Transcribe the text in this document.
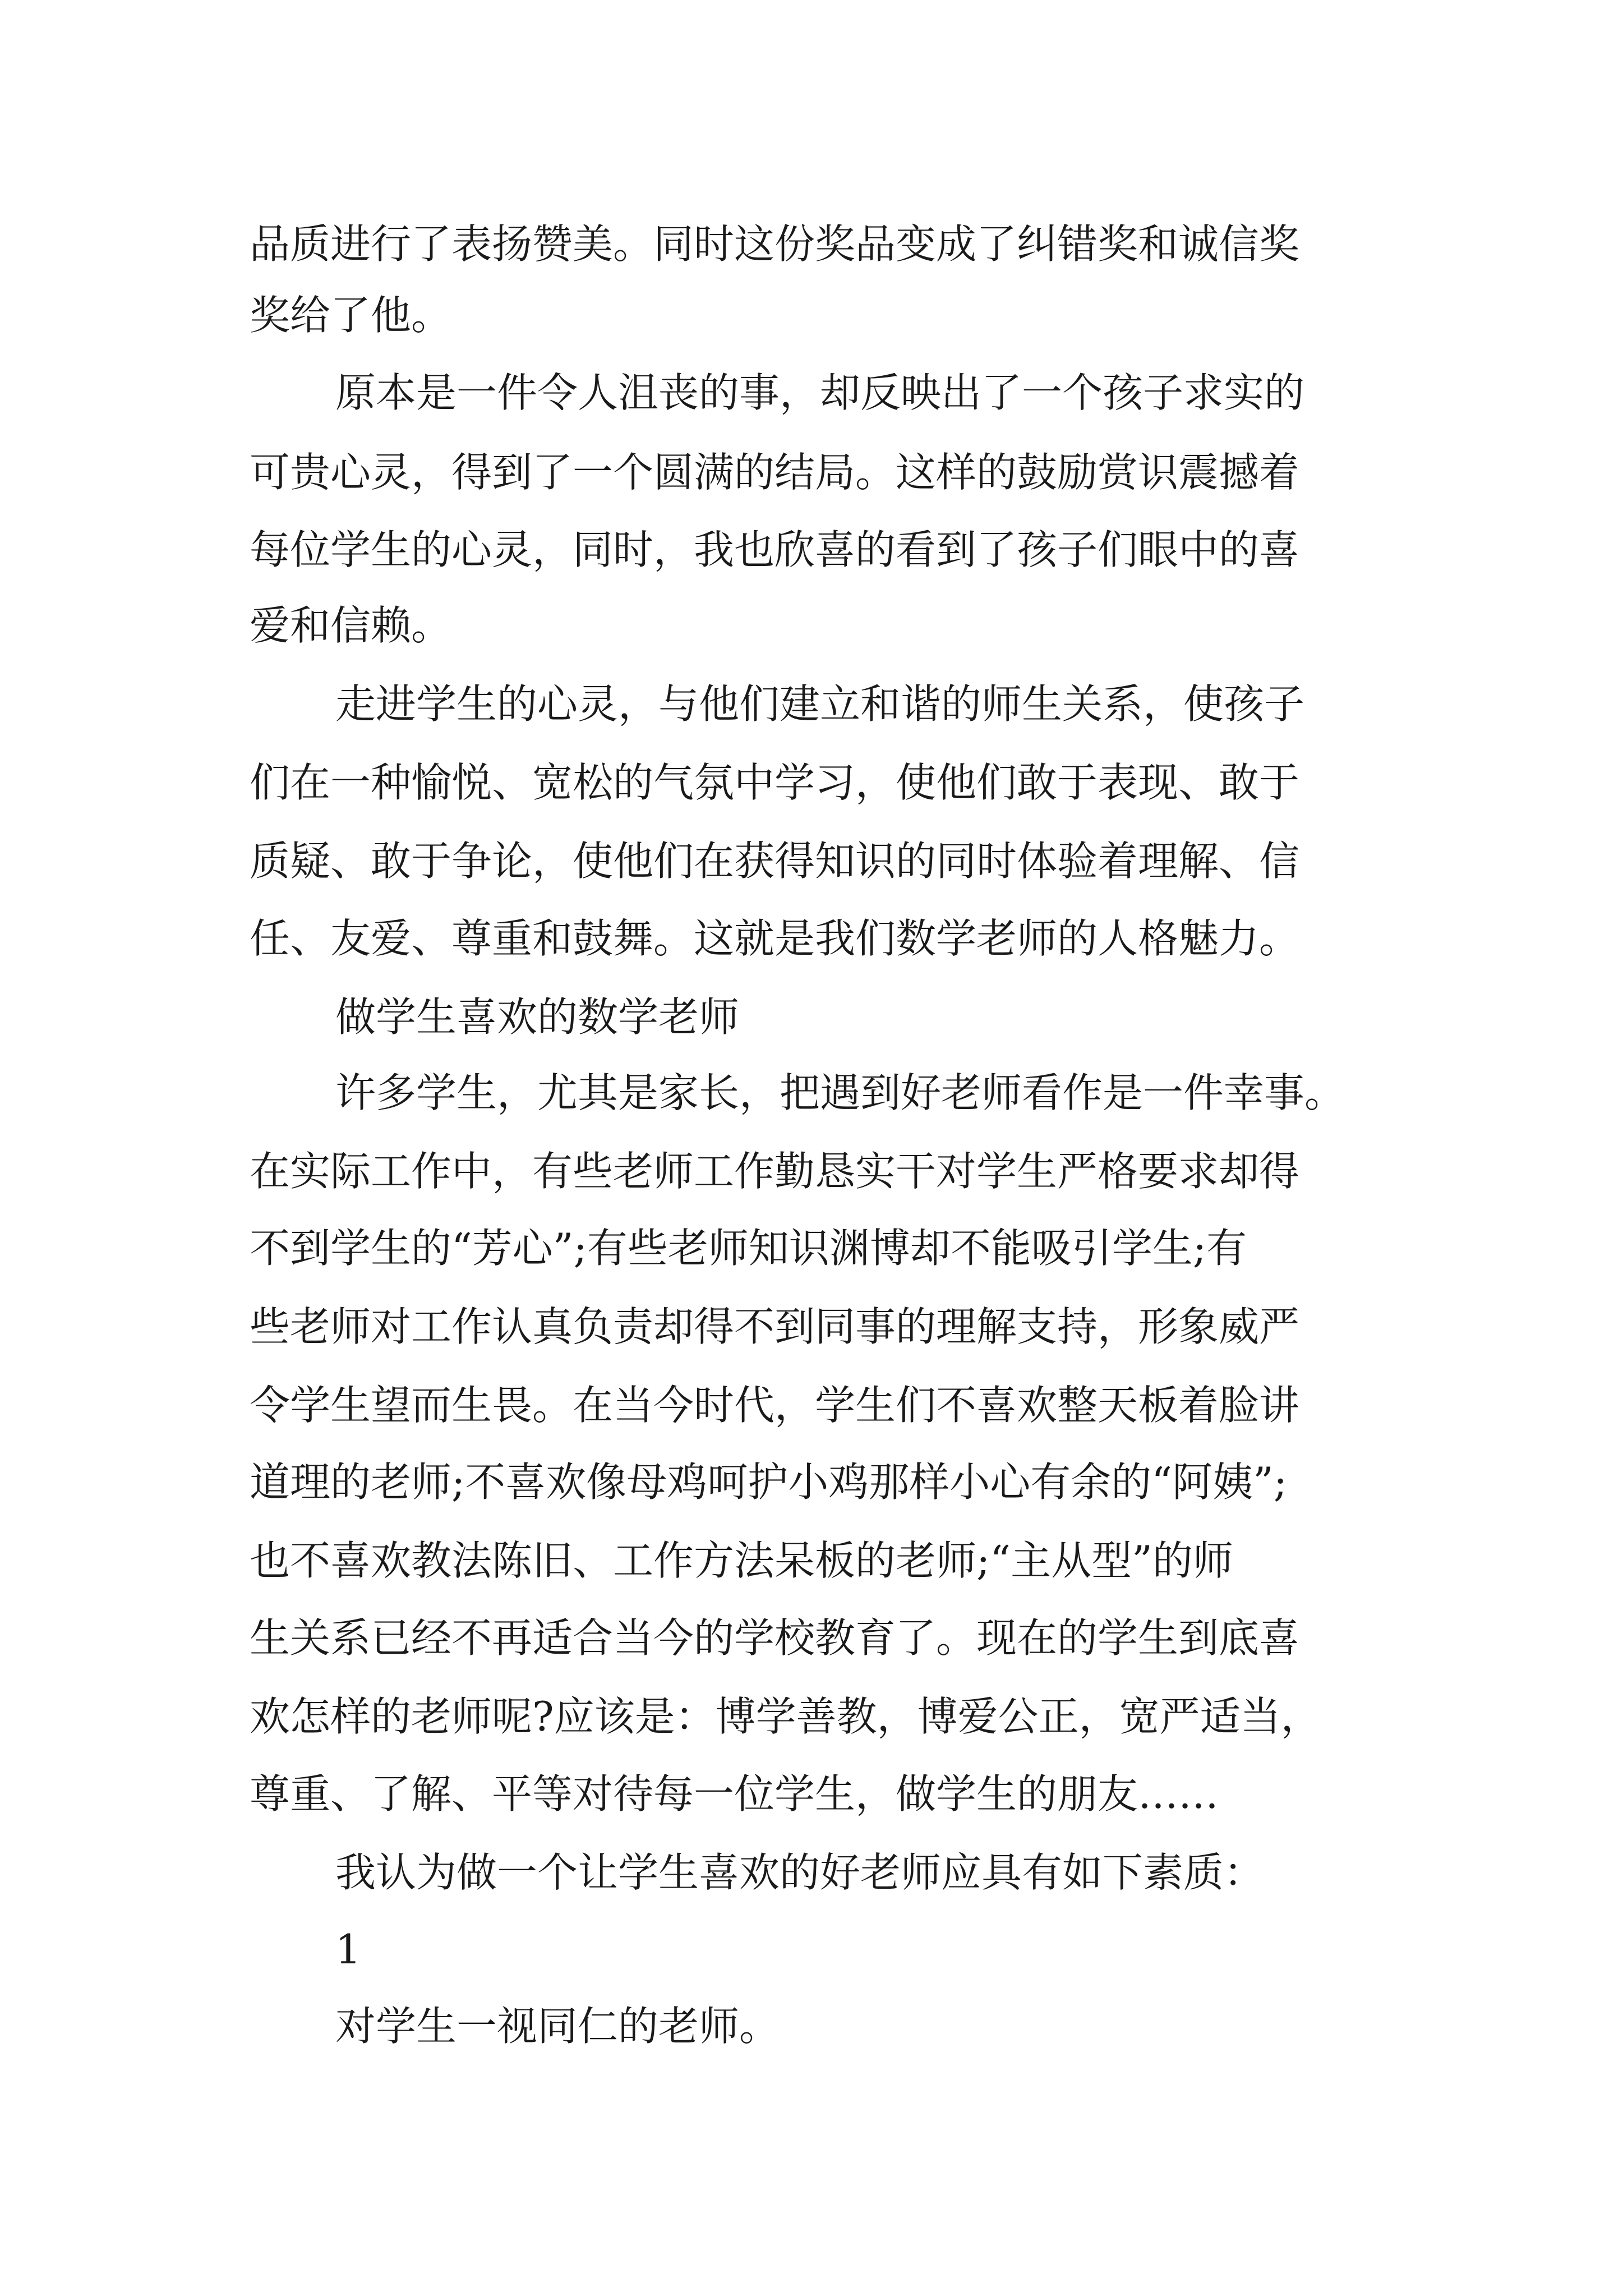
品质进行了表扬赞美。同时这份奖品变成了纠错奖和诚信奖
奖给了他。
原本是一件令人沮丧的事，却反映出了一个孩子求实的
可贵心灵，得到了一个圆满的结局。这样的鼓励赏识震撼着
每位学生的心灵，同时，我也欣喜的看到了孩子们眼中的喜
爱和信赖。
走进学生的心灵，与他们建立和谐的师生关系，使孩子
们在一种愉悦、宽松的气氛中学习，使他们敢于表现、敢于
质疑、敢于争论，使他们在获得知识的同时体验着理解、信
任、友爱、尊重和鼓舞。这就是我们数学老师的人格魅力。
做学生喜欢的数学老师
许多学生，尤其是家长，把遇到好老师看作是一件幸事。
在实际工作中，有些老师工作勤恳实干对学生严格要求却得
不到学生的“芳心”;有些老师知识渊博却不能吸引学生;有
些老师对工作认真负责却得不到同事的理解支持，形象威严
令学生望而生畏。在当今时代，学生们不喜欢整天板着脸讲
道理的老师;不喜欢像母鸡呵护小鸡那样小心有余的“阿姨”;
也不喜欢教法陈旧、工作方法呆板的老师;“主从型”的师
生关系已经不再适合当今的学校教育了。现在的学生到底喜
欢怎样的老师呢?应该是：博学善教，博爱公正，宽严适当，
尊重、了解、平等对待每一位学生，做学生的朋友……
我认为做一个让学生喜欢的好老师应具有如下素质：
1
对学生一视同仁的老师。
